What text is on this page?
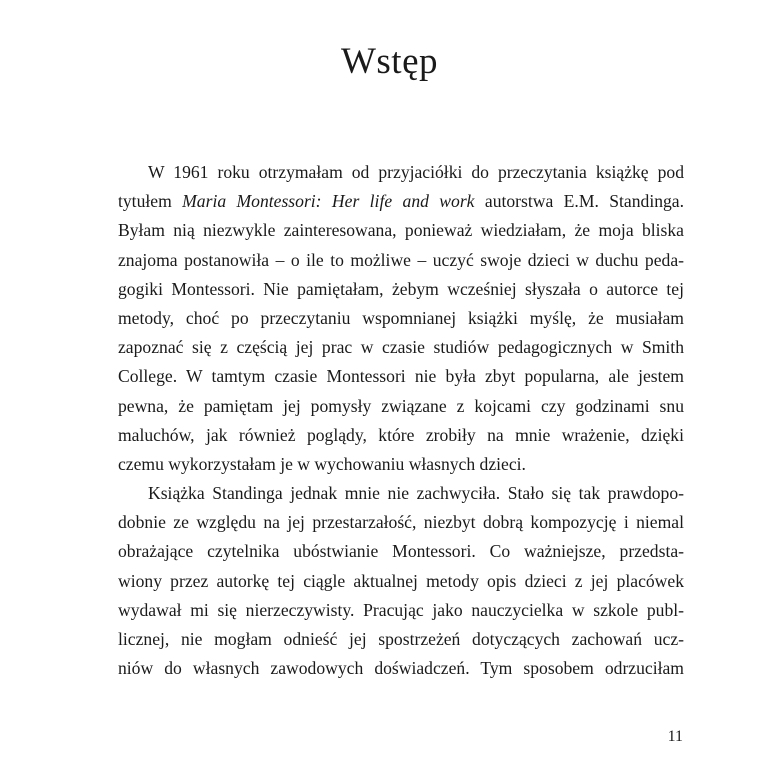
Wstęp
W 1961 roku otrzymałam od przyjaciółki do przeczytania książkę pod
tytułem Maria Montessori: Her life and work autorstwa E.M. Standinga.
Byłam nią niezwykle zainteresowana, ponieważ wiedziałam, że moja bliska
znajoma postanowiła – o ile to możliwe – uczyć swoje dzieci w duchu peda-
gogiki Montessori. Nie pamiętałam, żebym wcześniej słyszała o autorce tej
metody, choć po przeczytaniu wspomnianej książki myślę, że musiałam
zapoznać się z częścią jej prac w czasie studiów pedagogicznych w Smith
College. W tamtym czasie Montessori nie była zbyt popularna, ale jestem
pewna, że pamiętam jej pomysły związane z kojcami czy godzinami snu
maluchów, jak również poglądy, które zrobiły na mnie wrażenie, dzięki
czemu wykorzystałam je w wychowaniu własnych dzieci.
Książka Standinga jednak mnie nie zachwyciła. Stało się tak prawdopo-
dobnie ze względu na jej przestarzałość, niezbyt dobrą kompozycję i niemal
obrażające czytelnika ubóstwianie Montessori. Co ważniejsze, przedsta-
wiony przez autorkę tej ciągle aktualnej metody opis dzieci z jej placówek
wydawał mi się nierzeczywisty. Pracując jako nauczycielka w szkole publ-
licznej, nie mogłam odnieść jej spostrzeżeń dotyczących zachowań ucz-
niów do własnych zawodowych doświadczeń. Tym sposobem odrzuciłam

11
